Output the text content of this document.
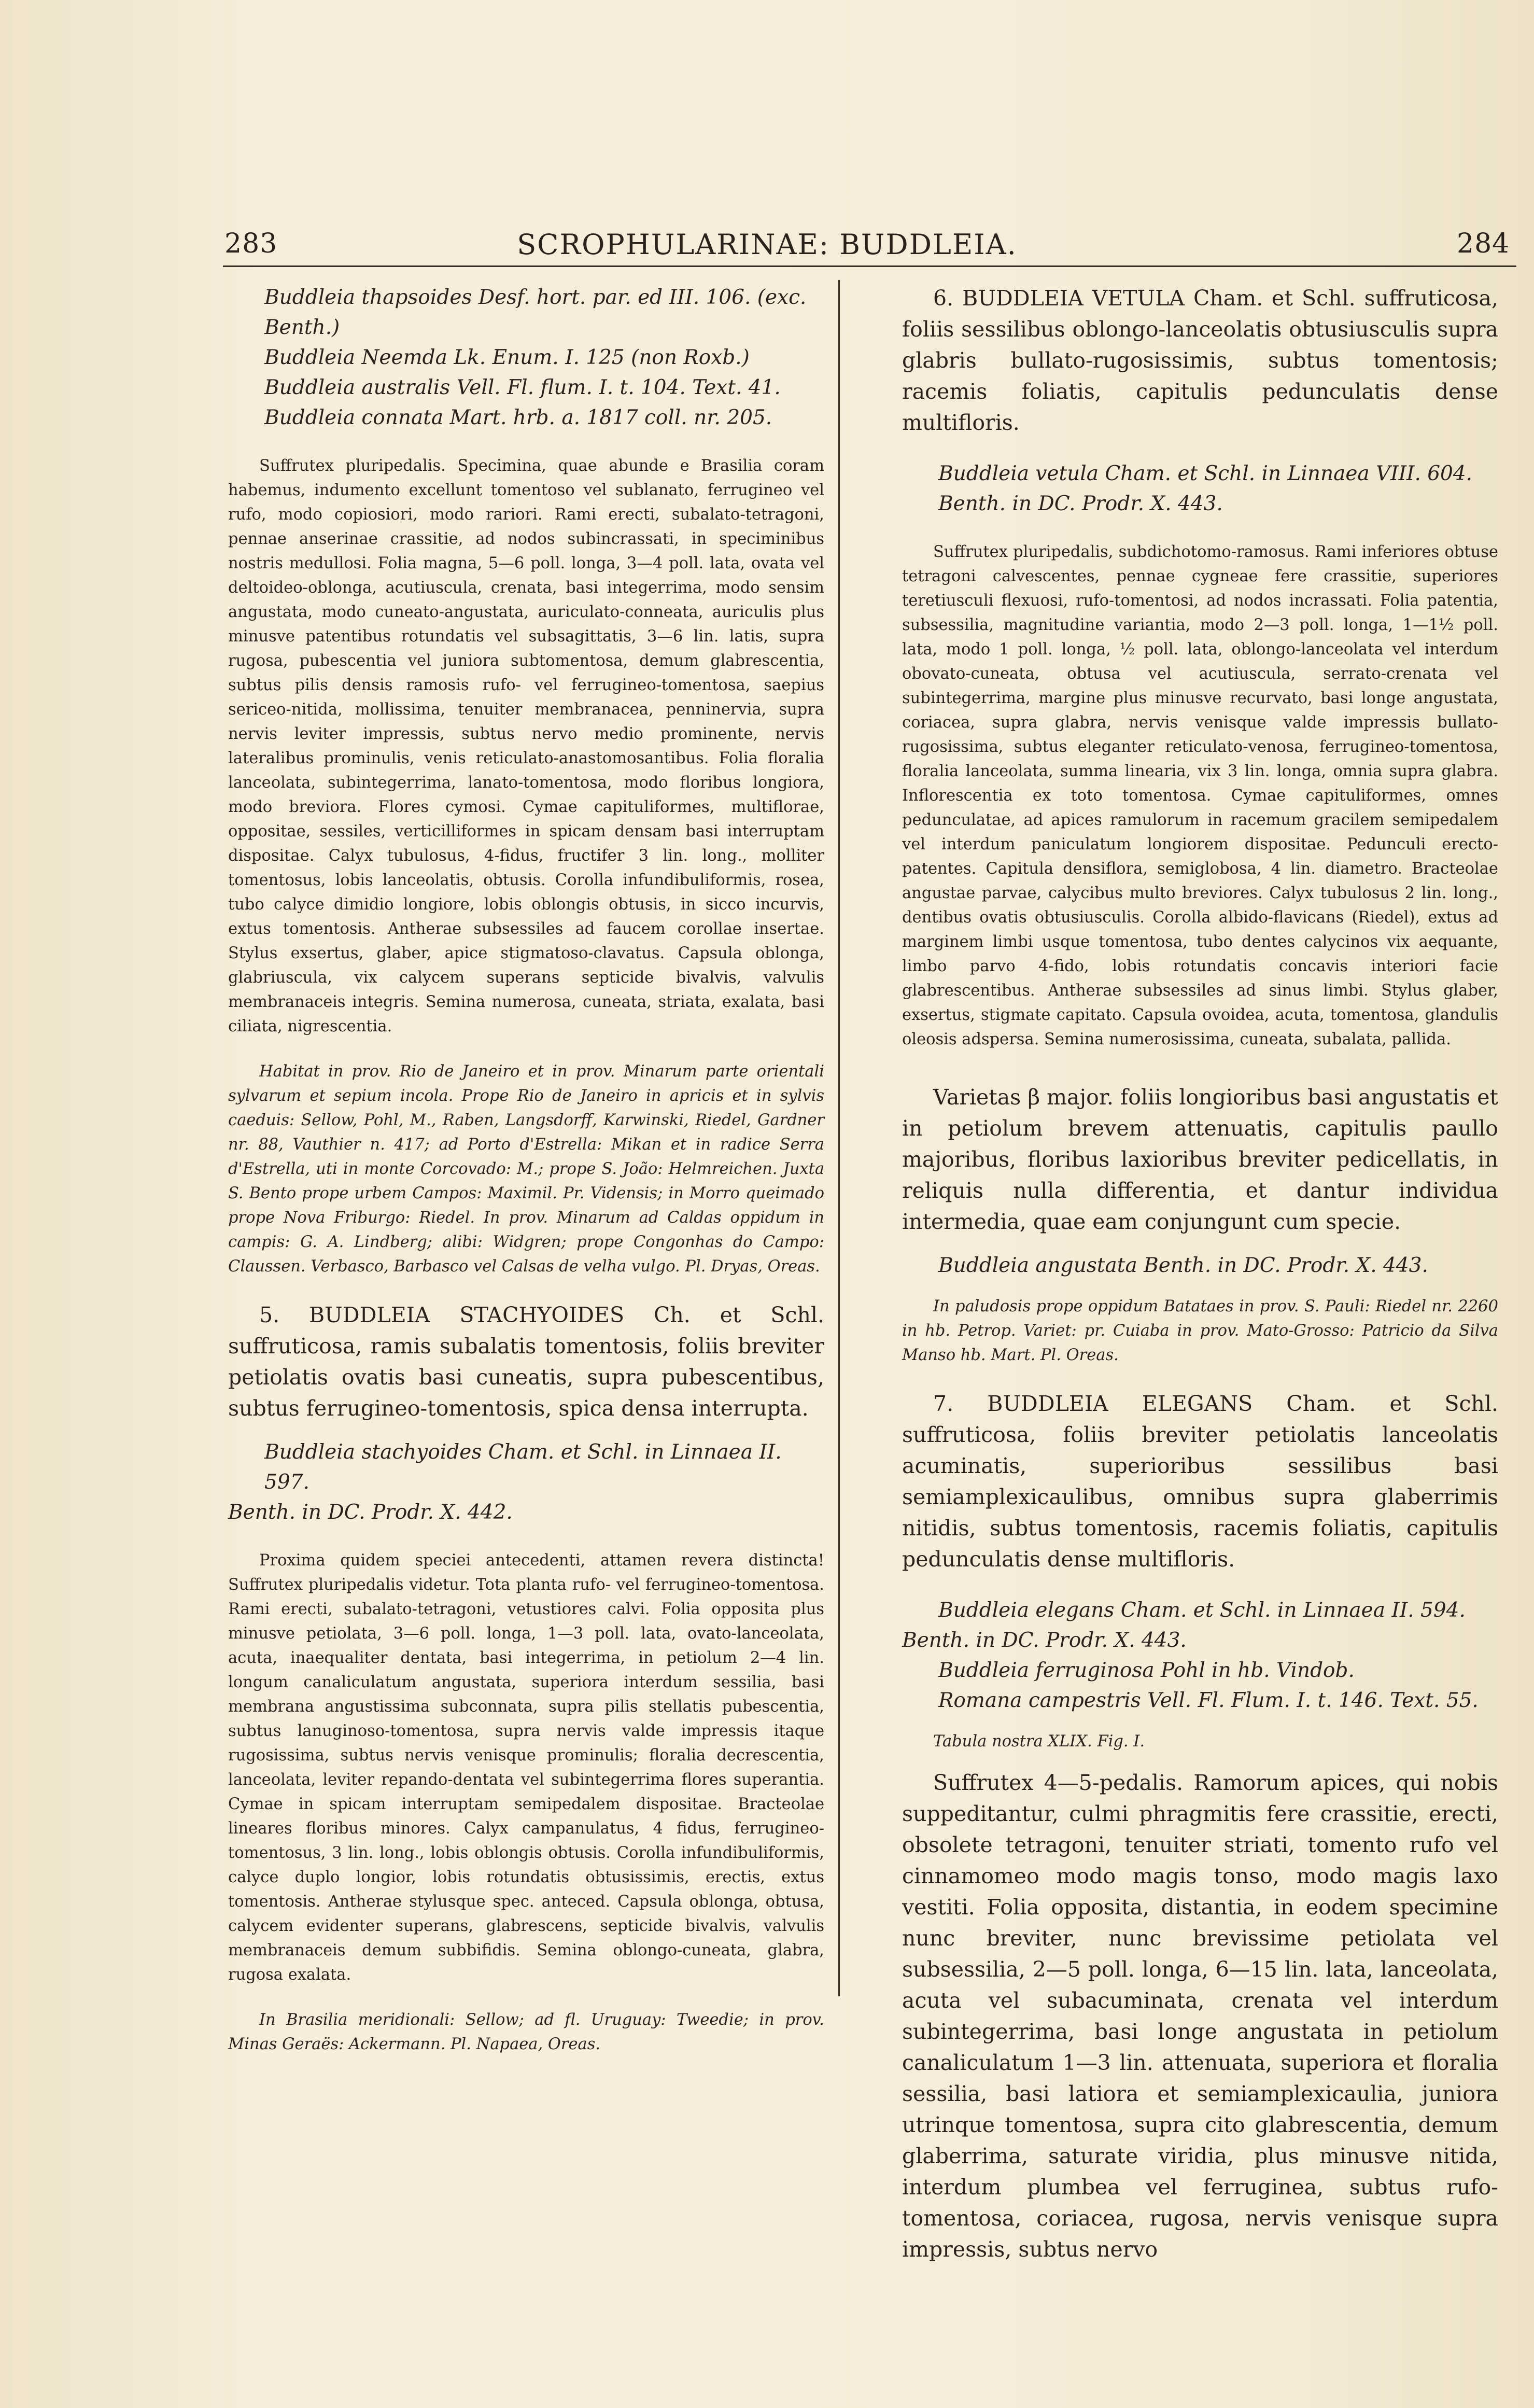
283	SCROPHULARINAE: BUDDLEIA.	284

Buddleia thapsoides Desf. hort. par. ed III. 106. (exc. Benth.)

Buddleia Neemda Lk. Enum. I. 125 (non Roxb.)

Buddleia australis Vell. Fl. flum. I. t. 104. Text. 41.

Buddleia connata Mart. hrb. a. 1817 coll. nr. 205.

Suffrutex pluripedalis. Specimina, quae abunde e Brasilia coram habemus, indumento excellunt tomentoso vel sublanato, ferrugineo vel rufo, modo copiosiori, modo rariori. Rami erecti, subalato-tetragoni, pennae anserinae crassitie, ad nodos subincrassati, in speciminibus nostris medullosi. Folia magna, 5—6 poll. longa, 3—4 poll. lata, ovata vel deltoideo-oblonga, acutiuscula, crenata, basi integerrima, modo sensim angustata, modo cuneato-angustata, auriculato-conneata, auriculis plus minusve patentibus rotundatis vel subsagittatis, 3—6 lin. latis, supra rugosa, pubescentia vel juniora subtomentosa, demum glabrescentia, subtus pilis densis ramosis rufo- vel ferrugineo-tomentosa, saepius sericeo-nitida, mollissima, tenuiter membranacea, penninervia, supra nervis leviter impressis, subtus nervo medio prominente, nervis lateralibus prominulis, venis reticulato-anastomosantibus. Folia floralia lanceolata, subintegerrima, lanato-tomentosa, modo floribus longiora, modo breviora. Flores cymosi. Cymae capituliformes, multiflorae, oppositae, sessiles, verticilliformes in spicam densam basi interruptam dispositae. Calyx tubulosus, 4-fidus, fructifer 3 lin. long., molliter tomentosus, lobis lanceolatis, obtusis. Corolla infundibuliformis, rosea, tubo calyce dimidio longiore, lobis oblongis obtusis, in sicco incurvis, extus tomentosis. Antherae subsessiles ad faucem corollae insertae. Stylus exsertus, glaber, apice stigmatoso-clavatus. Capsula oblonga, glabriuscula, vix calycem superans septicide bivalvis, valvulis membranaceis integris. Semina numerosa, cuneata, striata, exalata, basi ciliata, nigrescentia.

Habitat in prov. Rio de Janeiro et in prov. Minarum parte orientali sylvarum et sepium incola. Prope Rio de Janeiro in apricis et in sylvis caeduis: Sellow, Pohl, M., Raben, Langsdorff, Karwinski, Riedel, Gardner nr. 88, Vauthier n. 417; ad Porto d'Estrella: Mikan et in radice Serra d'Estrella, uti in monte Corcovado: M.; prope S. João: Helmreichen. Juxta S. Bento prope urbem Campos: Maximil. Pr. Vidensis; in Morro queimado prope Nova Friburgo: Riedel. In prov. Minarum ad Caldas oppidum in campis: G. A. Lindberg; alibi: Widgren; prope Congonhas do Campo: Claussen. Verbasco, Barbasco vel Calsas de velha vulgo. Pl. Dryas, Oreas.

5. BUDDLEIA STACHYOIDES Ch. et Schl. suffruticosa, ramis subalatis tomentosis, foliis breviter petiolatis ovatis basi cuneatis, supra pubescentibus, subtus ferrugineo-tomentosis, spica densa interrupta.

Buddleia stachyoides Cham. et Schl. in Linnaea II. 597.

Benth. in DC. Prodr. X. 442.

Proxima quidem speciei antecedenti, attamen revera distincta! Suffrutex pluripedalis videtur. Tota planta rufo- vel ferrugineo-tomentosa. Rami erecti, subalato-tetragoni, vetustiores calvi. Folia opposita plus minusve petiolata, 3—6 poll. longa, 1—3 poll. lata, ovato-lanceolata, acuta, inaequaliter dentata, basi integerrima, in petiolum 2—4 lin. longum canaliculatum angustata, superiora interdum sessilia, basi membrana angustissima subconnata, supra pilis stellatis pubescentia, subtus lanuginoso-tomentosa, supra nervis valde impressis itaque rugosissima, subtus nervis venisque prominulis; floralia decrescentia, lanceolata, leviter repando-dentata vel subintegerrima flores superantia. Cymae in spicam interruptam semipedalem dispositae. Bracteolae lineares floribus minores. Calyx campanulatus, 4 fidus, ferrugineo-tomentosus, 3 lin. long., lobis oblongis obtusis. Corolla infundibuliformis, calyce duplo longior, lobis rotundatis obtusissimis, erectis, extus tomentosis. Antherae stylusque spec. anteced. Capsula oblonga, obtusa, calycem evidenter superans, glabrescens, septicide bivalvis, valvulis membranaceis demum subbifidis. Semina oblongo-cuneata, glabra, rugosa exalata.

In Brasilia meridionali: Sellow; ad fl. Uruguay: Tweedie; in prov. Minas Geraës: Ackermann. Pl. Napaea, Oreas.

6. BUDDLEIA VETULA Cham. et Schl. suffruticosa, foliis sessilibus oblongo-lanceolatis obtusiusculis supra glabris bullato-rugosissimis, subtus tomentosis; racemis foliatis, capitulis pedunculatis dense multifloris.

Buddleia vetula Cham. et Schl. in Linnaea VIII. 604. Benth. in DC. Prodr. X. 443.

Suffrutex pluripedalis, subdichotomo-ramosus. Rami inferiores obtuse tetragoni calvescentes, pennae cygneae fere crassitie, superiores teretiusculi flexuosi, rufo-tomentosi, ad nodos incrassati. Folia patentia, subsessilia, magnitudine variantia, modo 2—3 poll. longa, 1—1½ poll. lata, modo 1 poll. longa, ½ poll. lata, oblongo-lanceolata vel interdum obovato-cuneata, obtusa vel acutiuscula, serrato-crenata vel subintegerrima, margine plus minusve recurvato, basi longe angustata, coriacea, supra glabra, nervis venisque valde impressis bullato-rugosissima, subtus eleganter reticulato-venosa, ferrugineo-tomentosa, floralia lanceolata, summa linearia, vix 3 lin. longa, omnia supra glabra. Inflorescentia ex toto tomentosa. Cymae capituliformes, omnes pedunculatae, ad apices ramulorum in racemum gracilem semipedalem vel interdum paniculatum longiorem dispositae. Pedunculi erecto-patentes. Capitula densiflora, semiglobosa, 4 lin. diametro. Bracteolae angustae parvae, calycibus multo breviores. Calyx tubulosus 2 lin. long., dentibus ovatis obtusiusculis. Corolla albido-flavicans (Riedel), extus ad marginem limbi usque tomentosa, tubo dentes calycinos vix aequante, limbo parvo 4-fido, lobis rotundatis concavis interiori facie glabrescentibus. Antherae subsessiles ad sinus limbi. Stylus glaber, exsertus, stigmate capitato. Capsula ovoidea, acuta, tomentosa, glandulis oleosis adspersa. Semina numerosissima, cuneata, subalata, pallida.

Varietas β major. foliis longioribus basi angustatis et in petiolum brevem attenuatis, capitulis paullo majoribus, floribus laxioribus breviter pedicellatis, in reliquis nulla differentia, et dantur individua intermedia, quae eam conjungunt cum specie.

Buddleia angustata Benth. in DC. Prodr. X. 443.

In paludosis prope oppidum Batataes in prov. S. Pauli: Riedel nr. 2260 in hb. Petrop. Variet: pr. Cuiaba in prov. Mato-Grosso: Patricio da Silva Manso hb. Mart. Pl. Oreas.

7. BUDDLEIA ELEGANS Cham. et Schl. suffruticosa, foliis breviter petiolatis lanceolatis acuminatis, superioribus sessilibus basi semiamplexicaulibus, omnibus supra glaberrimis nitidis, subtus tomentosis, racemis foliatis, capitulis pedunculatis dense multifloris.

Buddleia elegans Cham. et Schl. in Linnaea II. 594.

Benth. in DC. Prodr. X. 443.

Buddleia ferruginosa Pohl in hb. Vindob.

Romana campestris Vell. Fl. Flum. I. t. 146. Text. 55.

Tabula nostra XLIX. Fig. I.

Suffrutex 4—5-pedalis. Ramorum apices, qui nobis suppeditantur, culmi phragmitis fere crassitie, erecti, obsolete tetragoni, tenuiter striati, tomento rufo vel cinnamomeo modo magis tonso, modo magis laxo vestiti. Folia opposita, distantia, in eodem specimine nunc breviter, nunc brevissime petiolata vel subsessilia, 2—5 poll. longa, 6—15 lin. lata, lanceolata, acuta vel subacuminata, crenata vel interdum subintegerrima, basi longe angustata in petiolum canaliculatum 1—3 lin. attenuata, superiora et floralia sessilia, basi latiora et semiamplexicaulia, juniora utrinque tomentosa, supra cito glabrescentia, demum glaberrima, saturate viridia, plus minusve nitida, interdum plumbea vel ferruginea, subtus rufo-tomentosa, coriacea, rugosa, nervis venisque supra impressis, subtus nervo
